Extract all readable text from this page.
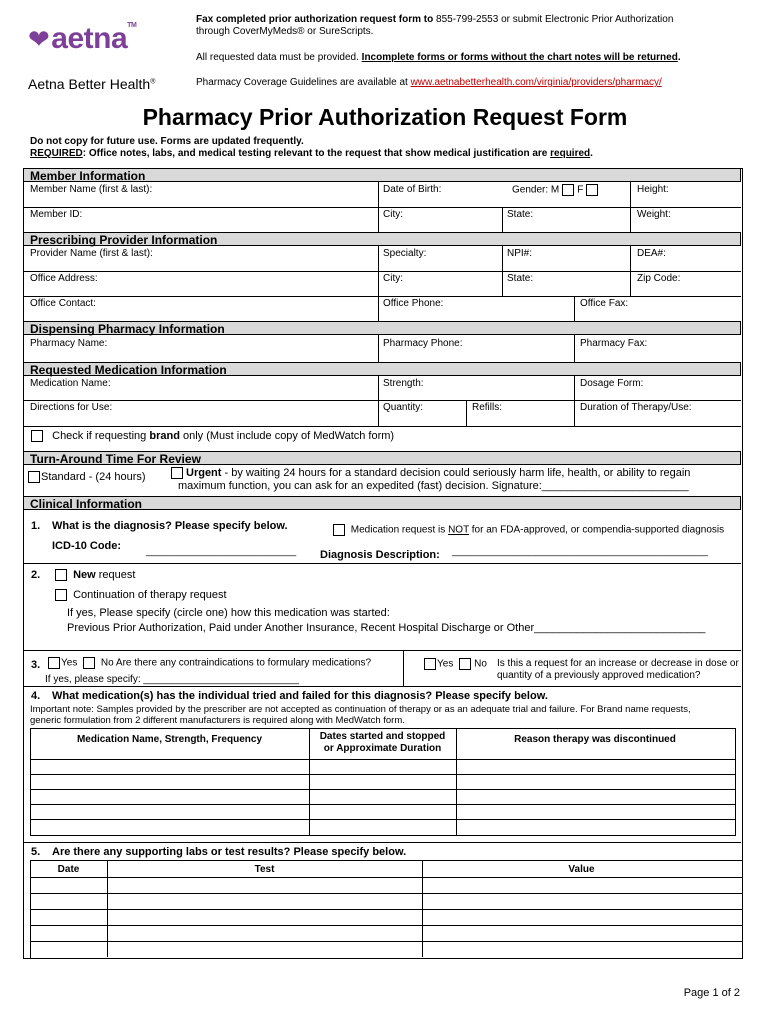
❤aetna™
Aetna Better Health®
Fax completed prior authorization request form to 855-799-2553 or submit Electronic Prior Authorization
through CoverMyMeds® or SureScripts.
All requested data must be provided. Incomplete forms or forms without the chart notes will be returned.
Pharmacy Coverage Guidelines are available at www.aetnabetterhealth.com/virginia/providers/pharmacy/
Pharmacy Prior Authorization Request Form
Do not copy for future use. Forms are updated frequently.
REQUIRED: Office notes, labs, and medical testing relevant to the request that show medical justification are required.
Member Information
Member Name (first & last):	Date of Birth:	Gender: M F	Height:
Member ID:	City:	State:	Weight:
Prescribing Provider Information
Provider Name (first & last):	Specialty:	NPI#:	DEA#:
Office Address:	City:	State:	Zip Code:
Office Contact:	Office Phone:	Office Fax:
Dispensing Pharmacy Information
Pharmacy Name:	Pharmacy Phone:	Pharmacy Fax:
Requested Medication Information
Medication Name:	Strength:	Dosage Form:
Directions for Use:	Quantity:	Refills:	Duration of Therapy/Use:
Check if requesting brand only (Must include copy of MedWatch form)
Turn-Around Time For Review
Standard - (24 hours)	Urgent - by waiting 24 hours for a standard decision could seriously harm life, health, or ability to regain
maximum function, you can ask for an expedited (fast) decision. Signature:________________________
Clinical Information
1. What is the diagnosis? Please specify below.	Medication request is NOT for an FDA-approved, or compendia-supported diagnosis
ICD-10 Code: ___________________________ Diagnosis Description: ______________________________________________
2.	New request
Continuation of therapy request
If yes, Please specify (circle one) how this medication was started:
Previous Prior Authorization, Paid under Another Insurance, Recent Hospital Discharge or Other____________________________
3.	Yes No Are there any contraindications to formulary medications?
If yes, please specify: ____________________________
Yes No Is this a request for an increase or decrease in dose or
quantity of a previously approved medication?
4. What medication(s) has the individual tried and failed for this diagnosis? Please specify below.
Important note: Samples provided by the prescriber are not accepted as continuation of therapy or as an adequate trial and failure. For Brand name requests,
generic formulation from 2 different manufacturers is required along with MedWatch form.
Medication Name, Strength, Frequency	Dates started and stopped
or Approximate Duration
Reason therapy was discontinued
5. Are there any supporting labs or test results? Please specify below.
Date	Test	Value
Page 1 of 2
